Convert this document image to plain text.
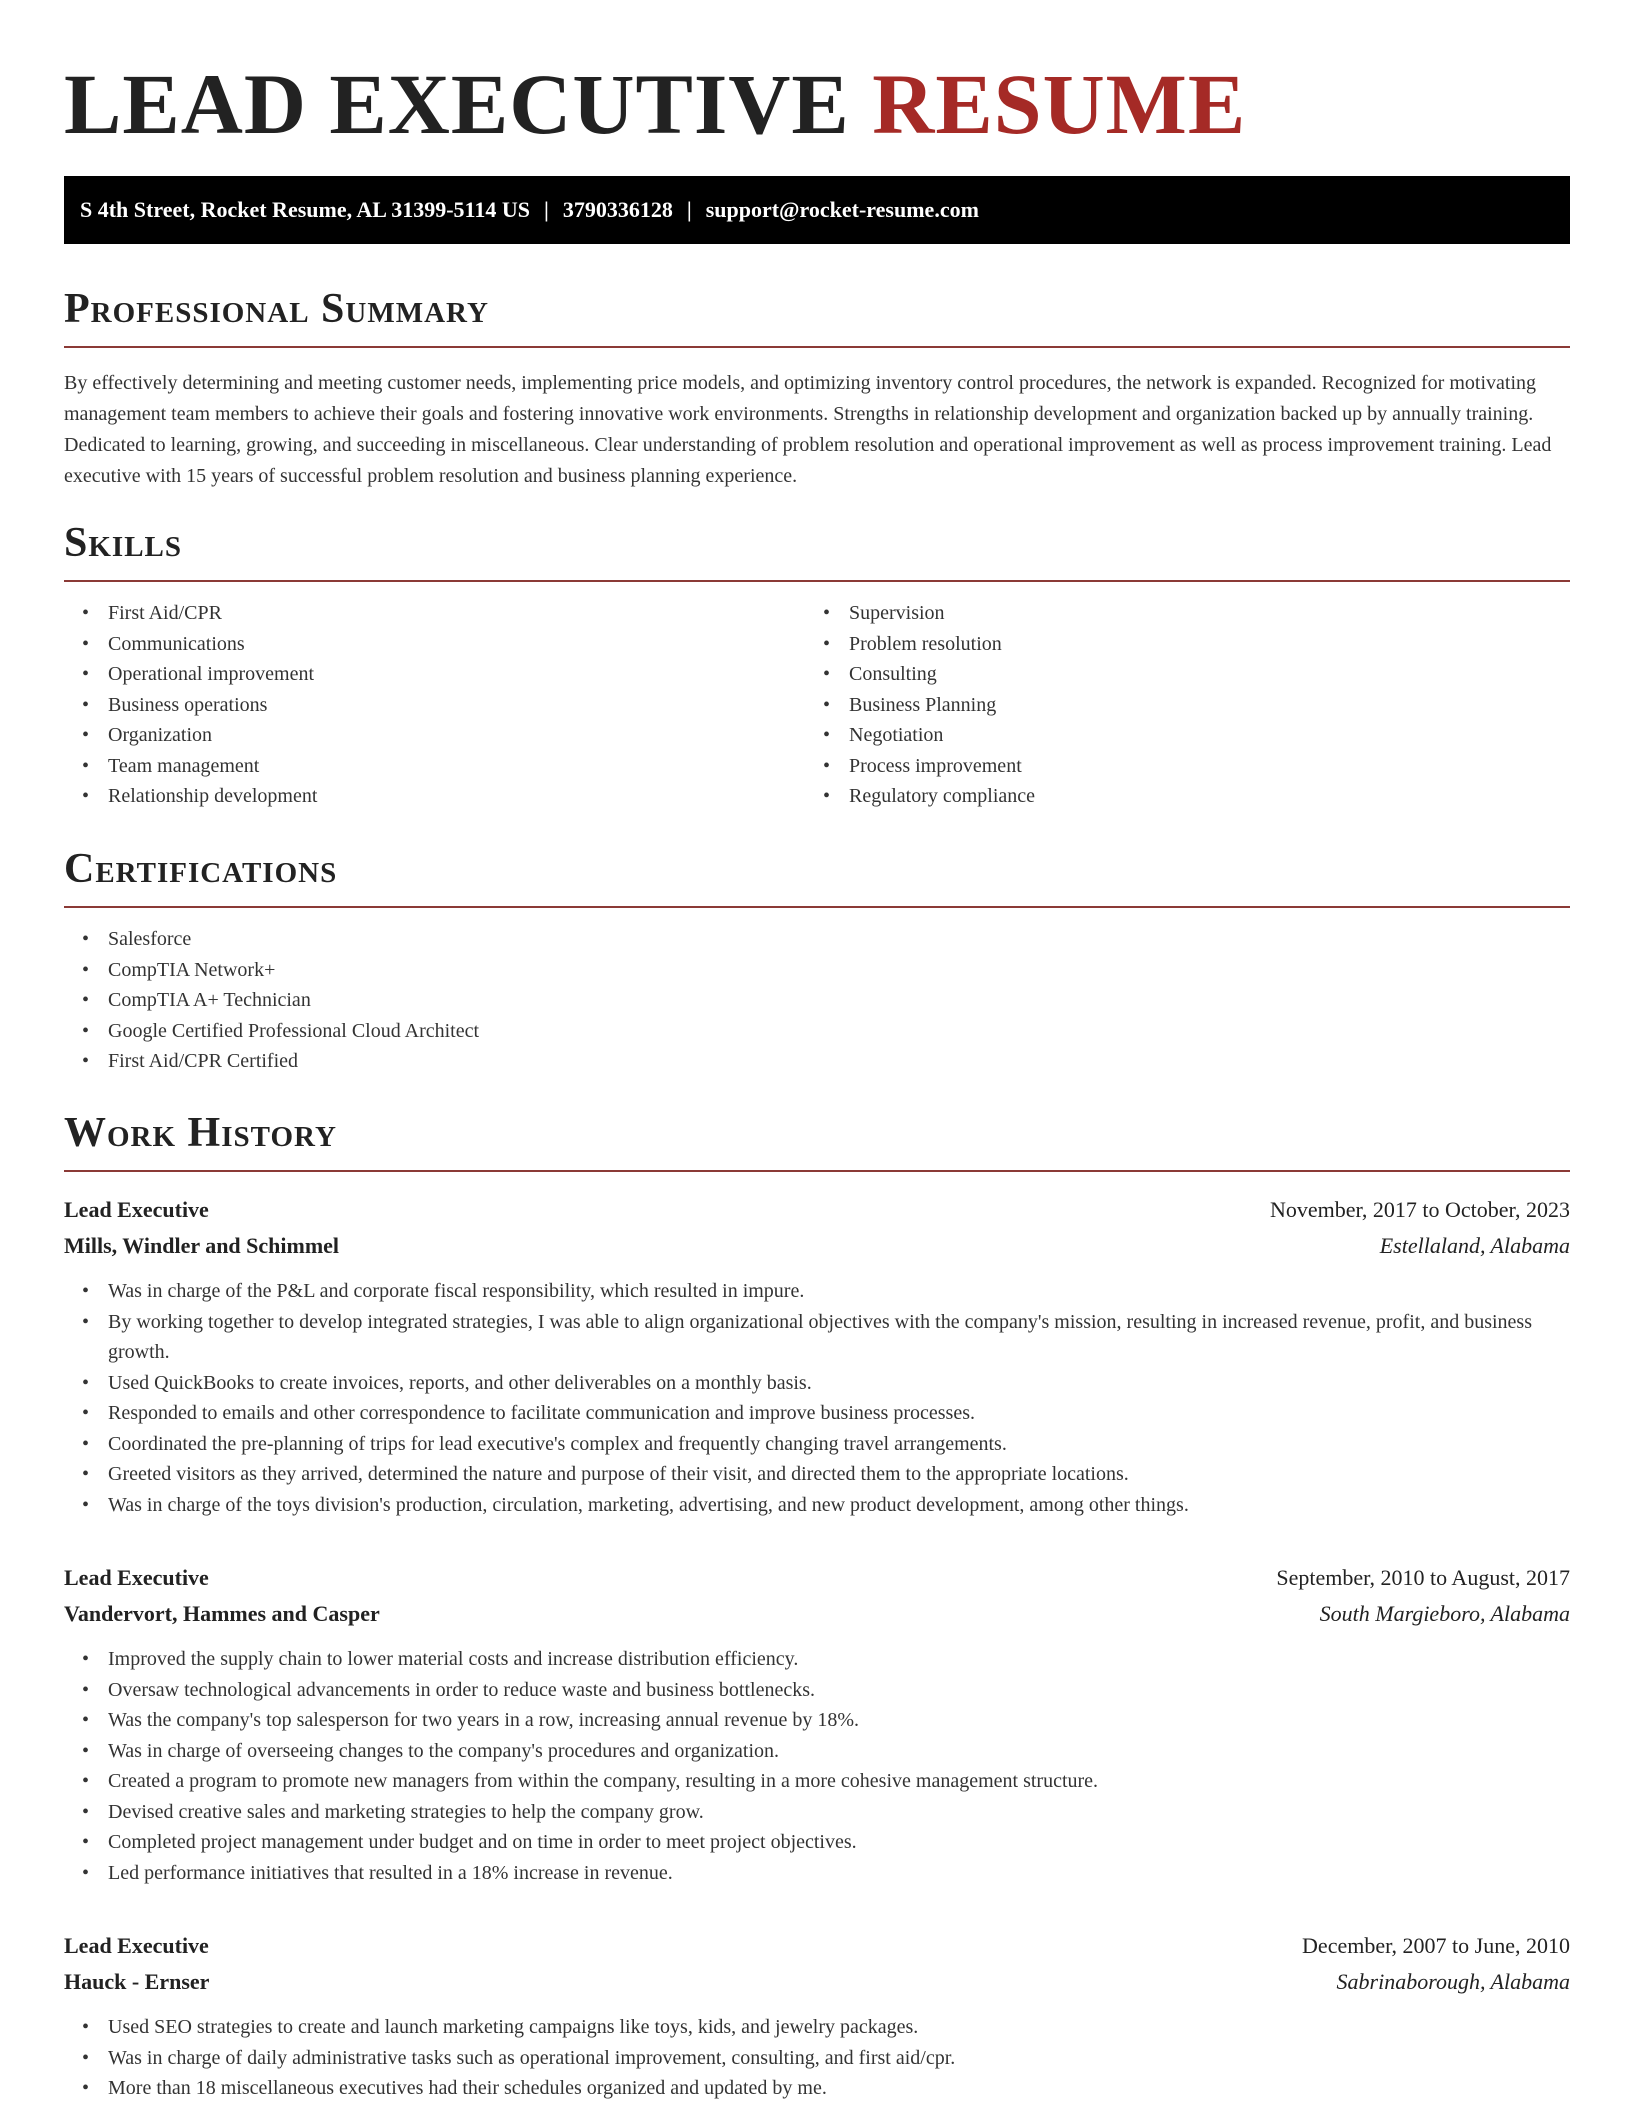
LEAD EXECUTIVE RESUME
S 4th Street, Rocket Resume, AL 31399-5114 US | 3790336128 | support@rocket-resume.com
Professional Summary

By effectively determining and meeting customer needs, implementing price models, and optimizing inventory control procedures, the network is expanded. Recognized for motivating management team members to achieve their goals and fostering innovative work environments. Strengths in relationship development and organization backed up by annually training. Dedicated to learning, growing, and succeeding in miscellaneous. Clear understanding of problem resolution and operational improvement as well as process improvement training. Lead executive with 15 years of successful problem resolution and business planning experience.

Skills
• First Aid/CPR
• Communications
• Operational improvement
• Business operations
• Organization
• Team management
• Relationship development
• Supervision
• Problem resolution
• Consulting
• Business Planning
• Negotiation
• Process improvement
• Regulatory compliance
Certifications
• Salesforce
• CompTIA Network+
• CompTIA A+ Technician
• Google Certified Professional Cloud Architect
• First Aid/CPR Certified
Work History
Lead Executive	November, 2017 to October, 2023
Mills, Windler and Schimmel	Estellaland, Alabama
• Was in charge of the P&L and corporate fiscal responsibility, which resulted in impure.
• By working together to develop integrated strategies, I was able to align organizational objectives with the company's mission, resulting in increased revenue, profit, and business growth.
• Used QuickBooks to create invoices, reports, and other deliverables on a monthly basis.
• Responded to emails and other correspondence to facilitate communication and improve business processes.
• Coordinated the pre-planning of trips for lead executive's complex and frequently changing travel arrangements.
• Greeted visitors as they arrived, determined the nature and purpose of their visit, and directed them to the appropriate locations.
• Was in charge of the toys division's production, circulation, marketing, advertising, and new product development, among other things.
Lead Executive	September, 2010 to August, 2017
Vandervort, Hammes and Casper	South Margieboro, Alabama
• Improved the supply chain to lower material costs and increase distribution efficiency.
• Oversaw technological advancements in order to reduce waste and business bottlenecks.
• Was the company's top salesperson for two years in a row, increasing annual revenue by 18%.
• Was in charge of overseeing changes to the company's procedures and organization.
• Created a program to promote new managers from within the company, resulting in a more cohesive management structure.
• Devised creative sales and marketing strategies to help the company grow.
• Completed project management under budget and on time in order to meet project objectives.
• Led performance initiatives that resulted in a 18% increase in revenue.
Lead Executive	December, 2007 to June, 2010
Hauck - Ernser	Sabrinaborough, Alabama
• Used SEO strategies to create and launch marketing campaigns like toys, kids, and jewelry packages.
• Was in charge of daily administrative tasks such as operational improvement, consulting, and first aid/cpr.
• More than 18 miscellaneous executives had their schedules organized and updated by me.
